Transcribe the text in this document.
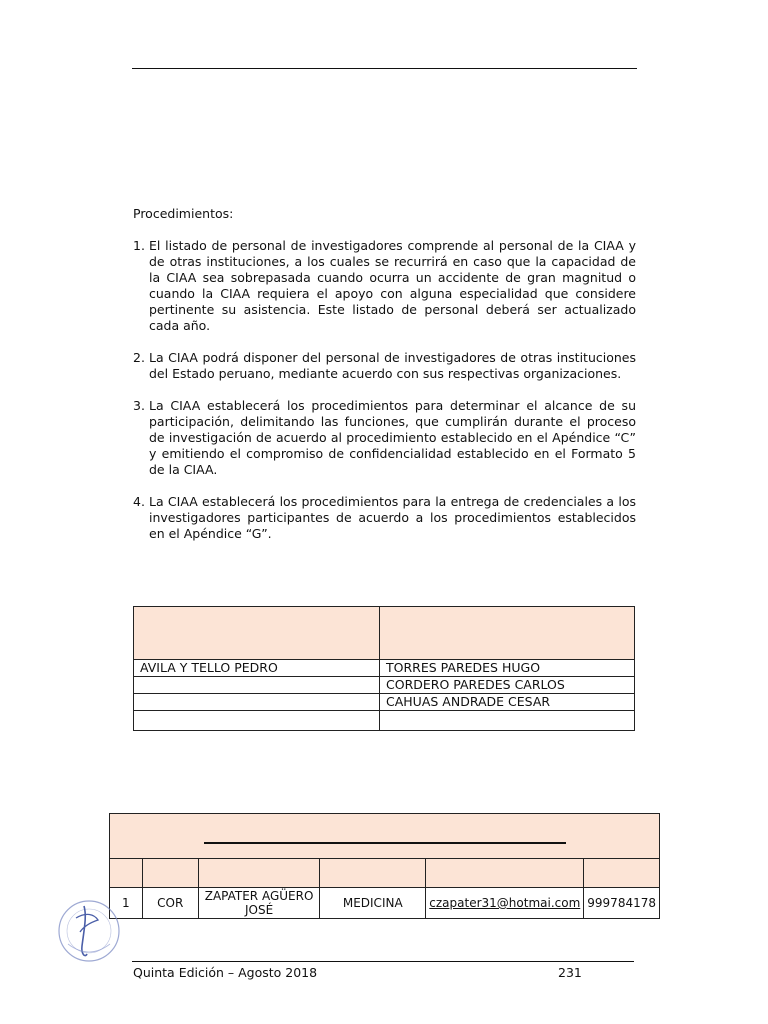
Procedimientos:
1. El listado de personal de investigadores comprende al personal de la CIAA y de otras instituciones, a los cuales se recurrirá en caso que la capacidad de la CIAA sea sobrepasada cuando ocurra un accidente de gran magnitud o cuando la CIAA requiera el apoyo con alguna especialidad que considere pertinente su asistencia. Este listado de personal deberá ser actualizado cada año.
2. La CIAA podrá disponer del personal de investigadores de otras instituciones del Estado peruano, mediante acuerdo con sus respectivas organizaciones.
3. La CIAA establecerá los procedimientos para determinar el alcance de su participación, delimitando las funciones, que cumplirán durante el proceso de investigación de acuerdo al procedimiento establecido en el Apéndice “C” y emitiendo el compromiso de confidencialidad establecido en el Formato 5 de la CIAA.
4. La CIAA establecerá los procedimientos para la entrega de credenciales a los investigadores participantes de acuerdo a los procedimientos establecidos en el Apéndice “G”.

AVILA Y TELLO PEDRO	TORRES PAREDES HUGO
	CORDERO PAREDES CARLOS
	CAHUAS ANDRADE CESAR

1	COR	ZAPATER AGÜERO
JOSÉ	MEDICINA	czapater31@hotmai.com	999784178
Quinta Edición – Agosto 2018	231
